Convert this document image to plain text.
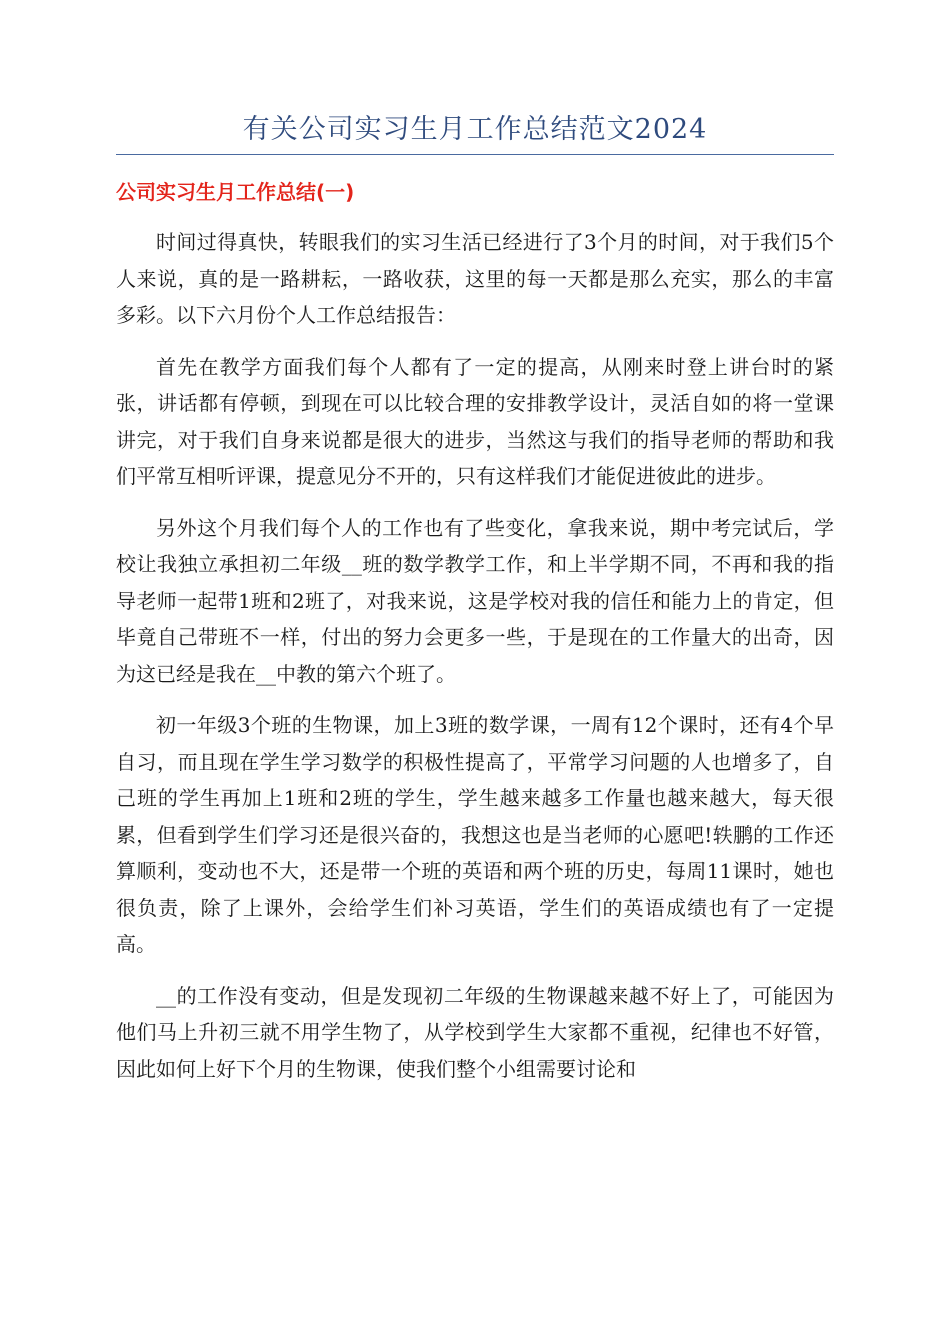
有关公司实习生月工作总结范文2024
公司实习生月工作总结(一)

时间过得真快，转眼我们的实习生活已经进行了3个月的时间，对于我们5个人来说，真的是一路耕耘，一路收获，这里的每一天都是那么充实，那么的丰富多彩。以下六月份个人工作总结报告：

首先在教学方面我们每个人都有了一定的提高，从刚来时登上讲台时的紧张，讲话都有停顿，到现在可以比较合理的安排教学设计，灵活自如的将一堂课讲完，对于我们自身来说都是很大的进步，当然这与我们的指导老师的帮助和我们平常互相听评课，提意见分不开的，只有这样我们才能促进彼此的进步。

另外这个月我们每个人的工作也有了些变化，拿我来说，期中考完试后，学校让我独立承担初二年级__班的数学教学工作，和上半学期不同，不再和我的指导老师一起带1班和2班了，对我来说，这是学校对我的信任和能力上的肯定，但毕竟自己带班不一样，付出的努力会更多一些，于是现在的工作量大的出奇，因为这已经是我在__中教的第六个班了。

初一年级3个班的生物课，加上3班的数学课，一周有12个课时，还有4个早自习，而且现在学生学习数学的积极性提高了，平常学习问题的人也增多了，自己班的学生再加上1班和2班的学生，学生越来越多工作量也越来越大，每天很累，但看到学生们学习还是很兴奋的，我想这也是当老师的心愿吧!轶鹏的工作还算顺利，变动也不大，还是带一个班的英语和两个班的历史，每周11课时，她也很负责，除了上课外，会给学生们补习英语，学生们的英语成绩也有了一定提高。

__的工作没有变动，但是发现初二年级的生物课越来越不好上了，可能因为他们马上升初三就不用学生物了，从学校到学生大家都不重视，纪律也不好管，因此如何上好下个月的生物课，使我们整个小组需要讨论和
